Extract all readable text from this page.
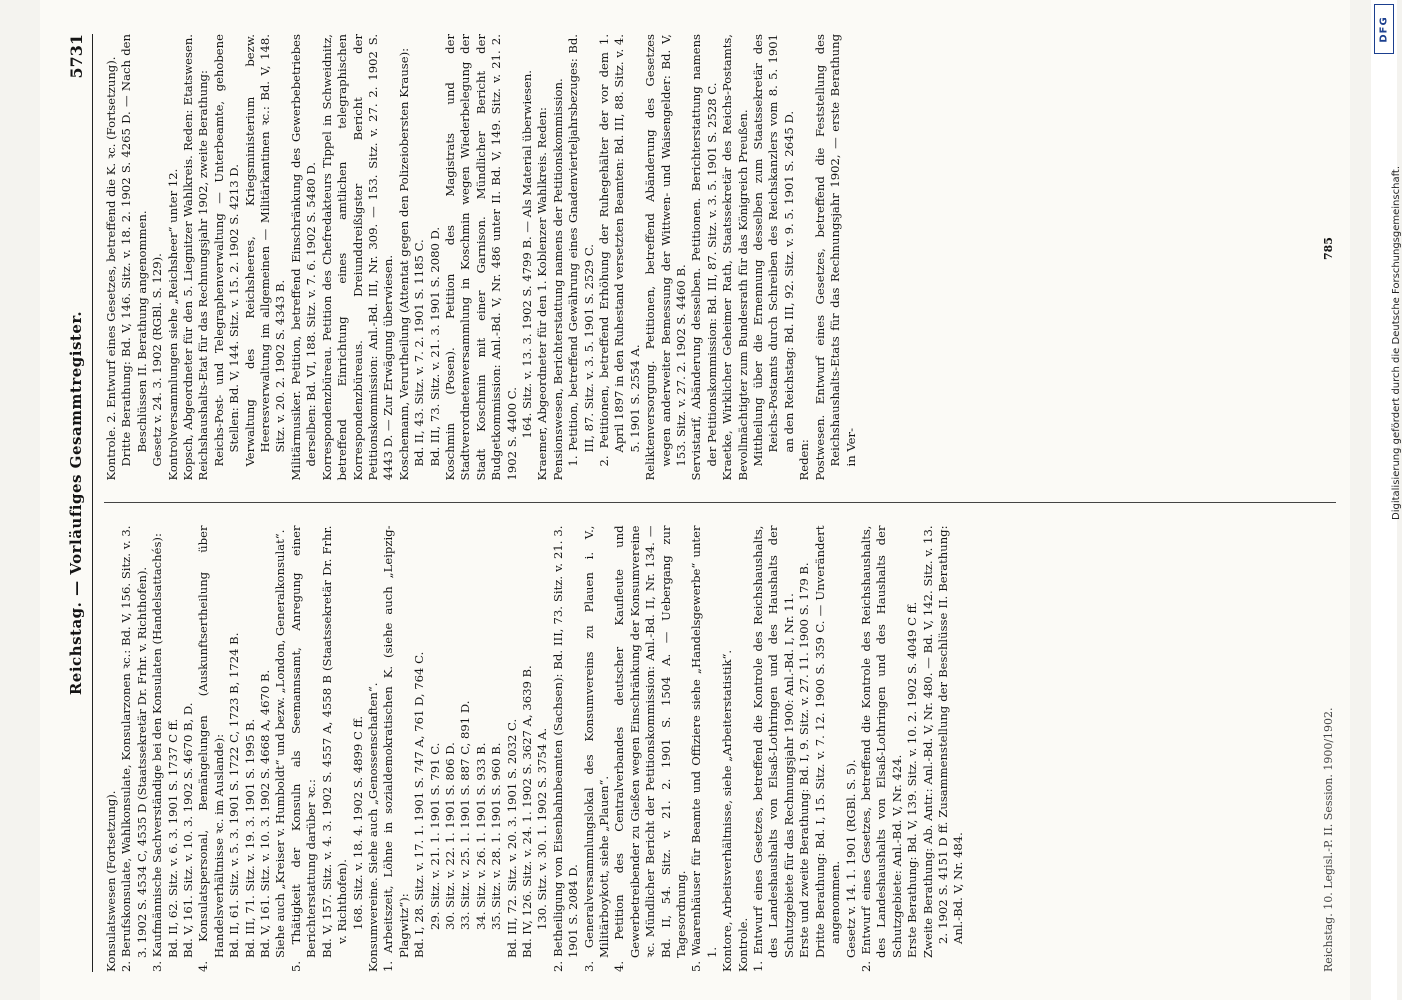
Reichstag. — Vorläufiges Gesammtregister.
5731

Konsulatswesen (Fortsetzung). 2. Berufskonsulate, Wahlkonsulate, Konsularzonen ꝛc.: Bd. V, 156. Sitz. v. 3. 3. 1902 S. 4534 C, 4535 D (Staatssekretär Dr. Frhr. v. Richthofen). 3. Kaufmännische Sachverständige bei den Konsulaten (Handelsattachés): Bd. II, 62. Sitz. v. 6. 3. 1901 S. 1737 C ff. Bd. V, 161. Sitz. v. 10. 3. 1902 S. 4670 B, D. 4. Konsulatspersonal, Bemängelungen (Auskunftsertheilung über Handelsverhältnisse ꝛc. im Auslande): Bd. II, 61. Sitz. v. 5. 3. 1901 S. 1722 C, 1723 B, 1724 B. Bd. III, 71. Sitz. v. 19. 3. 1901 S. 1995 B. Bd. V, 161. Sitz. v. 10. 3. 1902 S. 4668 A, 4670 B. Siehe auch „Kreiser v. Humboldt“ und bezw. „London, Generalkonsulat“. 5. Thätigkeit der Konsuln als Seemannsamt, Anregung einer Berichterstattung darüber ꝛc.: Bd. V, 157. Sitz. v. 4. 3. 1902 S. 4557 A, 4558 B (Staatssekretär Dr. Frhr. v. Richthofen). 168. Sitz. v. 18. 4. 1902 S. 4899 C ff. Konsumvereine. Siehe auch „Genossenschaften“. 1. Arbeitszeit, Löhne in sozialdemokratischen K. (siehe auch „Leipzig-Plagwitz“): Bd. I, 28. Sitz. v. 17. 1. 1901 S. 747 A, 761 D, 764 C. 29. Sitz. v. 21. 1. 1901 S. 791 C. 30. Sitz. v. 22. 1. 1901 S. 806 D. 33. Sitz. v. 25. 1. 1901 S. 887 C, 891 D. 34. Sitz. v. 26. 1. 1901 S. 933 B. 35. Sitz. v. 28. 1. 1901 S. 960 B. Bd. III, 72. Sitz. v. 20. 3. 1901 S. 2032 C. Bd. IV, 126. Sitz. v. 24. 1. 1902 S. 3627 A, 3639 B. 130. Sitz. v. 30. 1. 1902 S. 3754 A. 2. Betheiligung von Eisenbahnbeamten (Sachsen): Bd. III, 73. Sitz. v. 21. 3. 1901 S. 2084 D. 3. Generalversammlungslokal des Konsumvereins zu Plauen i. V., Militärboykott, siehe „Plauen“. 4. Petition des Centralverbandes deutscher Kaufleute und Gewerbetreibender zu Gießen wegen Einschränkung der Konsumvereine ꝛc. Mündlicher Bericht der Petitionskommission: Anl.-Bd. II, Nr. 134. — Bd. II, 54. Sitz. v. 21. 2. 1901 S. 1504 A. — Uebergang zur Tagesordnung. 5. Waarenhäuser für Beamte und Offiziere siehe „Handelsgewerbe“ unter 1. Kontore, Arbeitsverhältnisse, siehe „Arbeiterstatistik“. Kontrole. 1. Entwurf eines Gesetzes, betreffend die Kontrole des Reichshaushalts, des Landeshaushalts von Elsaß-Lothringen und des Haushalts der Schutzgebiete für das Rechnungsjahr 1900: Anl.-Bd. I, Nr. 11. Erste und zweite Berathung: Bd. I, 9. Sitz. v. 27. 11. 1900 S. 179 B. Dritte Berathung: Bd. I, 15. Sitz. v. 7. 12. 1900 S. 359 C. — Unverändert angenommen. Gesetz v. 14. 1. 1901 (RGBl. S. 5). 2. Entwurf eines Gesetzes, betreffend die Kontrole des Reichshaushalts, des Landeshaushalts von Elsaß-Lothringen und des Haushalts der Schutzgebiete: Anl.-Bd. V, Nr. 424. Erste Berathung: Bd. V, 139. Sitz. v. 10. 2. 1902 S. 4049 C ff. Zweite Berathung: Ab. Antr.: Anl.-Bd. V, Nr. 480. — Bd. V, 142. Sitz. v. 13. 2. 1902 S. 4151 D ff. Zusammenstellung der Beschlüsse II. Berathung: Anl.-Bd. V, Nr. 484.

Kontrole. 2. Entwurf eines Gesetzes, betreffend die K. ꝛc. (Fortsetzung). Dritte Berathung: Bd. V, 146. Sitz. v. 18. 2. 1902 S. 4265 D. — Nach den Beschlüssen II. Berathung angenommen. Gesetz v. 24. 3. 1902 (RGBl. S. 129). Kontrolversammlungen siehe „Reichsheer“ unter 12. Kopsch, Abgeordneter für den 5. Liegnitzer Wahlkreis. Reden: Etatswesen. Reichshaushalts-Etat für das Rechnungsjahr 1902, zweite Berathung: Reichs-Post- und Telegraphenverwaltung — Unterbeamte, gehobene Stellen: Bd. V, 144. Sitz. v. 15. 2. 1902 S. 4213 D. Verwaltung des Reichsheeres, Kriegsministerium bezw. Heeresverwaltung im allgemeinen — Militärkantinen ꝛc.: Bd. V, 148. Sitz. v. 20. 2. 1902 S. 4343 B. Militärmusiker. Petition, betreffend Einschränkung des Gewerbebetriebes derselben: Bd. VI, 188. Sitz. v. 7. 6. 1902 S. 5480 D. Korrespondenzbüreau. Petition des Chefredakteurs Tippel in Schweidnitz, betreffend Einrichtung eines amtlichen telegraphischen Korrespondenzbüreaus. Dreiunddreißigster Bericht der Petitionskommission: Anl.-Bd. III, Nr. 309. — 153. Sitz. v. 27. 2. 1902 S. 4443 D. — Zur Erwägung überwiesen. Koschemann, Verurtheilung (Attentat gegen den Polizeiobersten Krause): Bd. II, 43. Sitz. v. 7. 2. 1901 S. 1185 C. Bd. III, 73. Sitz. v. 21. 3. 1901 S. 2080 D. Koschmin (Posen). Petition des Magistrats und der Stadtverordnetenversammlung in Koschmin wegen Wiederbelegung der Stadt Koschmin mit einer Garnison. Mündlicher Bericht der Budgetkommission: Anl.-Bd. V, Nr. 486 unter II. Bd. V, 149. Sitz. v. 21. 2. 1902 S. 4400 C. 164. Sitz. v. 13. 3. 1902 S. 4799 B. — Als Material überwiesen. Kraemer, Abgeordneter für den 1. Koblenzer Wahlkreis. Reden: Pensionswesen, Berichterstattung namens der Petitionskommission. 1. Petition, betreffend Gewährung eines Gnadenvierteljahrsbezuges: Bd. III, 87. Sitz. v. 3. 5. 1901 S. 2529 C. 2. Petitionen, betreffend Erhöhung der Ruhegehälter der vor dem 1. April 1897 in den Ruhestand versetzten Beamten: Bd. III, 88. Sitz. v. 4. 5. 1901 S. 2554 A. Reliktenversorgung. Petitionen, betreffend Abänderung des Gesetzes wegen anderweiter Bemessung der Wittwen- und Waisengelder: Bd. V, 153. Sitz. v. 27. 2. 1902 S. 4460 B. Servistarif, Abänderung desselben. Petitionen. Berichterstattung namens der Petitionskommission: Bd. III, 87. Sitz. v. 3. 5. 1901 S. 2528 C. Kraetke, Wirklicher Geheimer Rath, Staatssekretär des Reichs-Postamts, Bevollmächtigter zum Bundesrath für das Königreich Preußen. Mittheilung über die Ernennung desselben zum Staatssekretär des Reichs-Postamts durch Schreiben des Reichskanzlers vom 8. 5. 1901 an den Reichstag: Bd. III, 92. Sitz. v. 9. 5. 1901 S. 2645 D.

Reden: Postwesen. Entwurf eines Gesetzes, betreffend die Feststellung des Reichshaushalts-Etats für das Rechnungsjahr 1902, — erste Berathung in Ver-

Reichstag. 10. Legisl.-P. II. Session. 1900/1902.
785
DFG
Digitalisierung gefördert durch die Deutsche Forschungsgemeinschaft.
